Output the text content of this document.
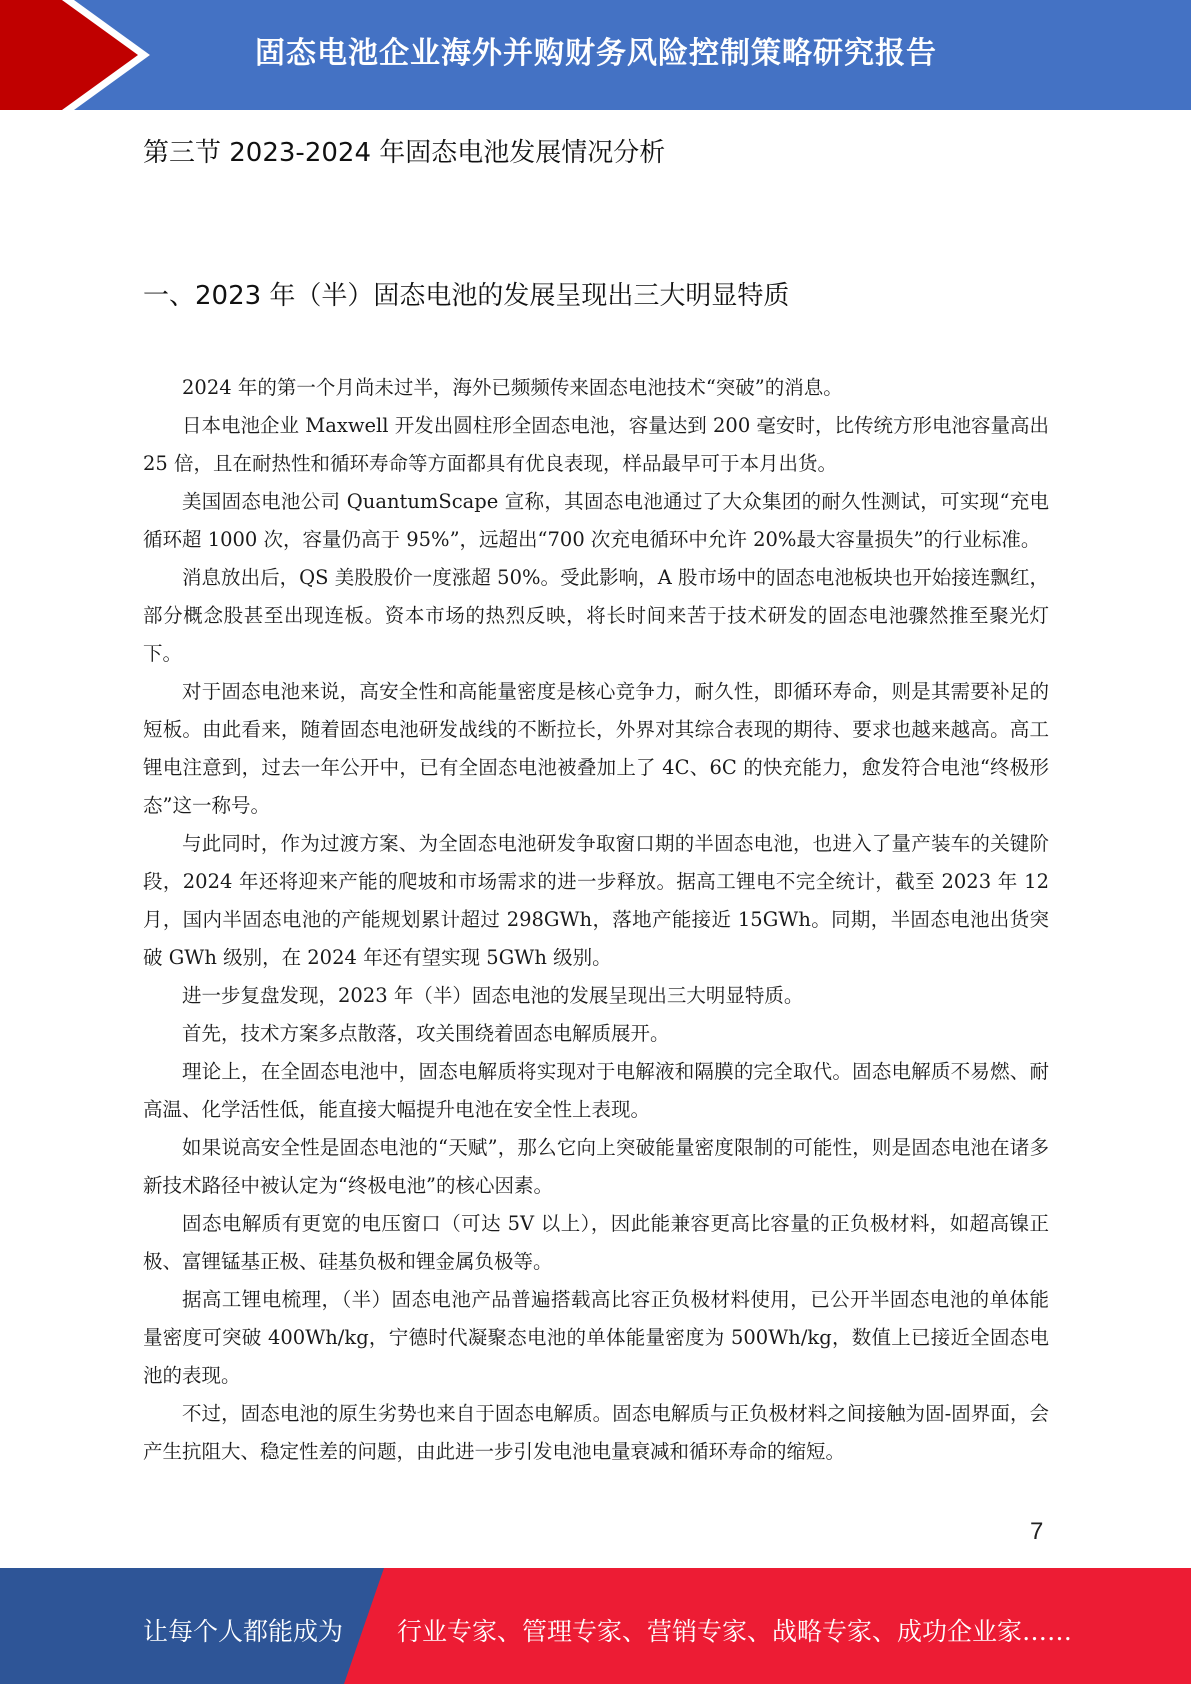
固态电池企业海外并购财务风险控制策略研究报告
第三节 2023-2024 年固态电池发展情况分析
一、2023 年（半）固态电池的发展呈现出三大明显特质

2024 年的第一个月尚未过半，海外已频频传来固态电池技术“突破”的消息。

日本电池企业 Maxwell 开发出圆柱形全固态电池，容量达到 200 毫安时，比传统方形电池容量高出 25 倍，且在耐热性和循环寿命等方面都具有优良表现，样品最早可于本月出货。

美国固态电池公司 QuantumScape 宣称，其固态电池通过了大众集团的耐久性测试，可实现“充电循环超 1000 次，容量仍高于 95%”，远超出“700 次充电循环中允许 20%最大容量损失”的行业标准。

消息放出后，QS 美股股价一度涨超 50%。受此影响，A 股市场中的固态电池板块也开始接连飘红，部分概念股甚至出现连板。资本市场的热烈反映，将长时间来苦于技术研发的固态电池骤然推至聚光灯下。

对于固态电池来说，高安全性和高能量密度是核心竞争力，耐久性，即循环寿命，则是其需要补足的短板。由此看来，随着固态电池研发战线的不断拉长，外界对其综合表现的期待、要求也越来越高。高工锂电注意到，过去一年公开中，已有全固态电池被叠加上了 4C、6C 的快充能力，愈发符合电池“终极形态”这一称号。

与此同时，作为过渡方案、为全固态电池研发争取窗口期的半固态电池，也进入了量产装车的关键阶段，2024 年还将迎来产能的爬坡和市场需求的进一步释放。据高工锂电不完全统计，截至 2023 年 12 月，国内半固态电池的产能规划累计超过 298GWh，落地产能接近 15GWh。同期，半固态电池出货突破 GWh 级别，在 2024 年还有望实现 5GWh 级别。

进一步复盘发现，2023 年（半）固态电池的发展呈现出三大明显特质。

首先，技术方案多点散落，攻关围绕着固态电解质展开。

理论上，在全固态电池中，固态电解质将实现对于电解液和隔膜的完全取代。固态电解质不易燃、耐高温、化学活性低，能直接大幅提升电池在安全性上表现。

如果说高安全性是固态电池的“天赋”，那么它向上突破能量密度限制的可能性，则是固态电池在诸多新技术路径中被认定为“终极电池”的核心因素。

固态电解质有更宽的电压窗口（可达 5V 以上），因此能兼容更高比容量的正负极材料，如超高镍正极、富锂锰基正极、硅基负极和锂金属负极等。

据高工锂电梳理，（半）固态电池产品普遍搭载高比容正负极材料使用，已公开半固态电池的单体能量密度可突破 400Wh/kg，宁德时代凝聚态电池的单体能量密度为 500Wh/kg，数值上已接近全固态电池的表现。

不过，固态电池的原生劣势也来自于固态电解质。固态电解质与正负极材料之间接触为固-固界面，会产生抗阻大、稳定性差的问题，由此进一步引发电池电量衰减和循环寿命的缩短。

7
让每个人都能成为 行业专家、管理专家、营销专家、战略专家、成功企业家……
